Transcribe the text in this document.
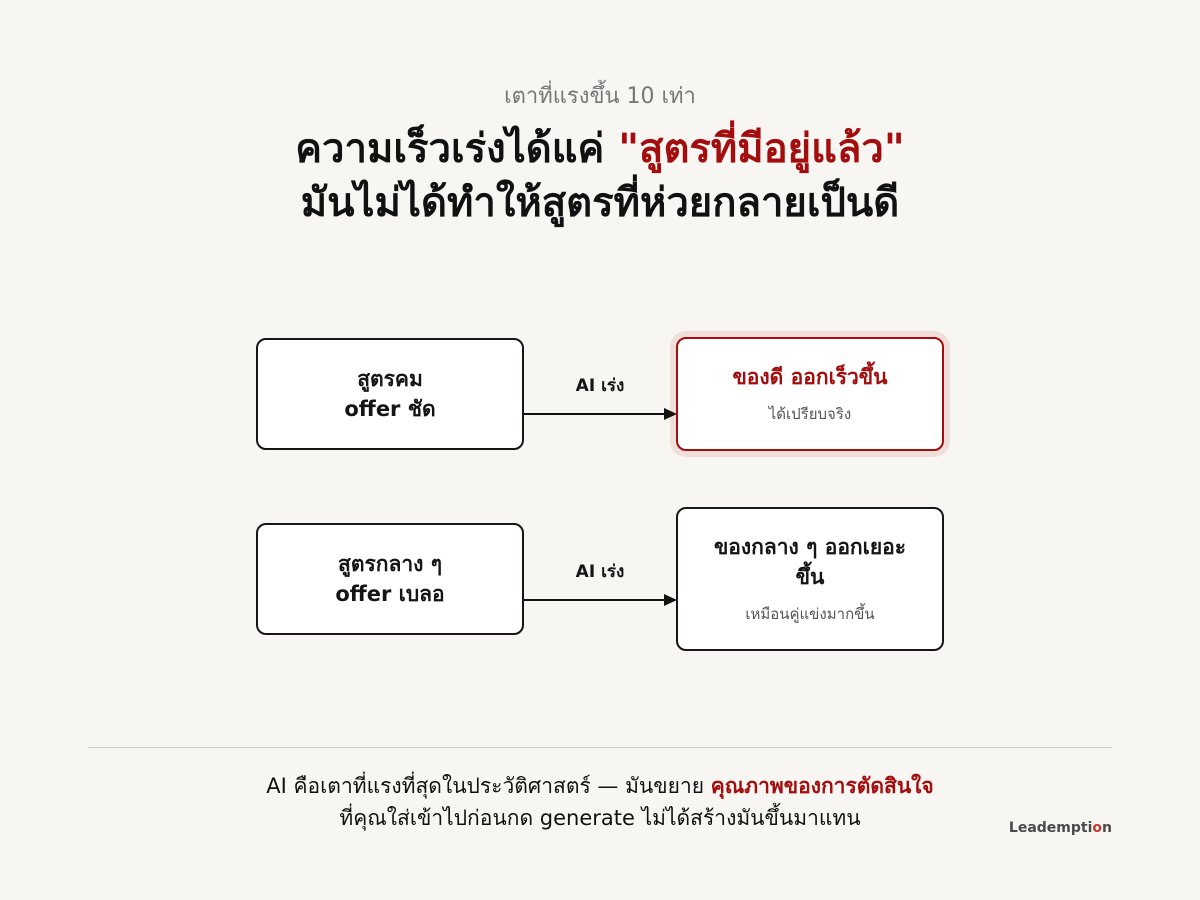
เตาที่แรงขึ้น 10 เท่า
ความเร็วเร่งได้แค่ "สูตรที่มีอยู่แล้ว"
มันไม่ได้ทำให้สูตรที่ห่วยกลายเป็นดี
สูตรคม
offer ชัด
AI เร่ง	ของดี ออกเร็วขึ้น
ได้เปรียบจริง
สูตรกลาง ๆ
offer เบลอ
AI เร่ง
ของกลาง ๆ ออกเยอะ
ขึ้น
เหมือนคู่แข่งมากขึ้น
AI คือเตาที่แรงที่สุดในประวัติศาสตร์ — มันขยาย คุณภาพของการตัดสินใจ
ที่คุณใส่เข้าไปก่อนกด generate ไม่ได้สร้างมันขึ้นมาแทน	Leademption
